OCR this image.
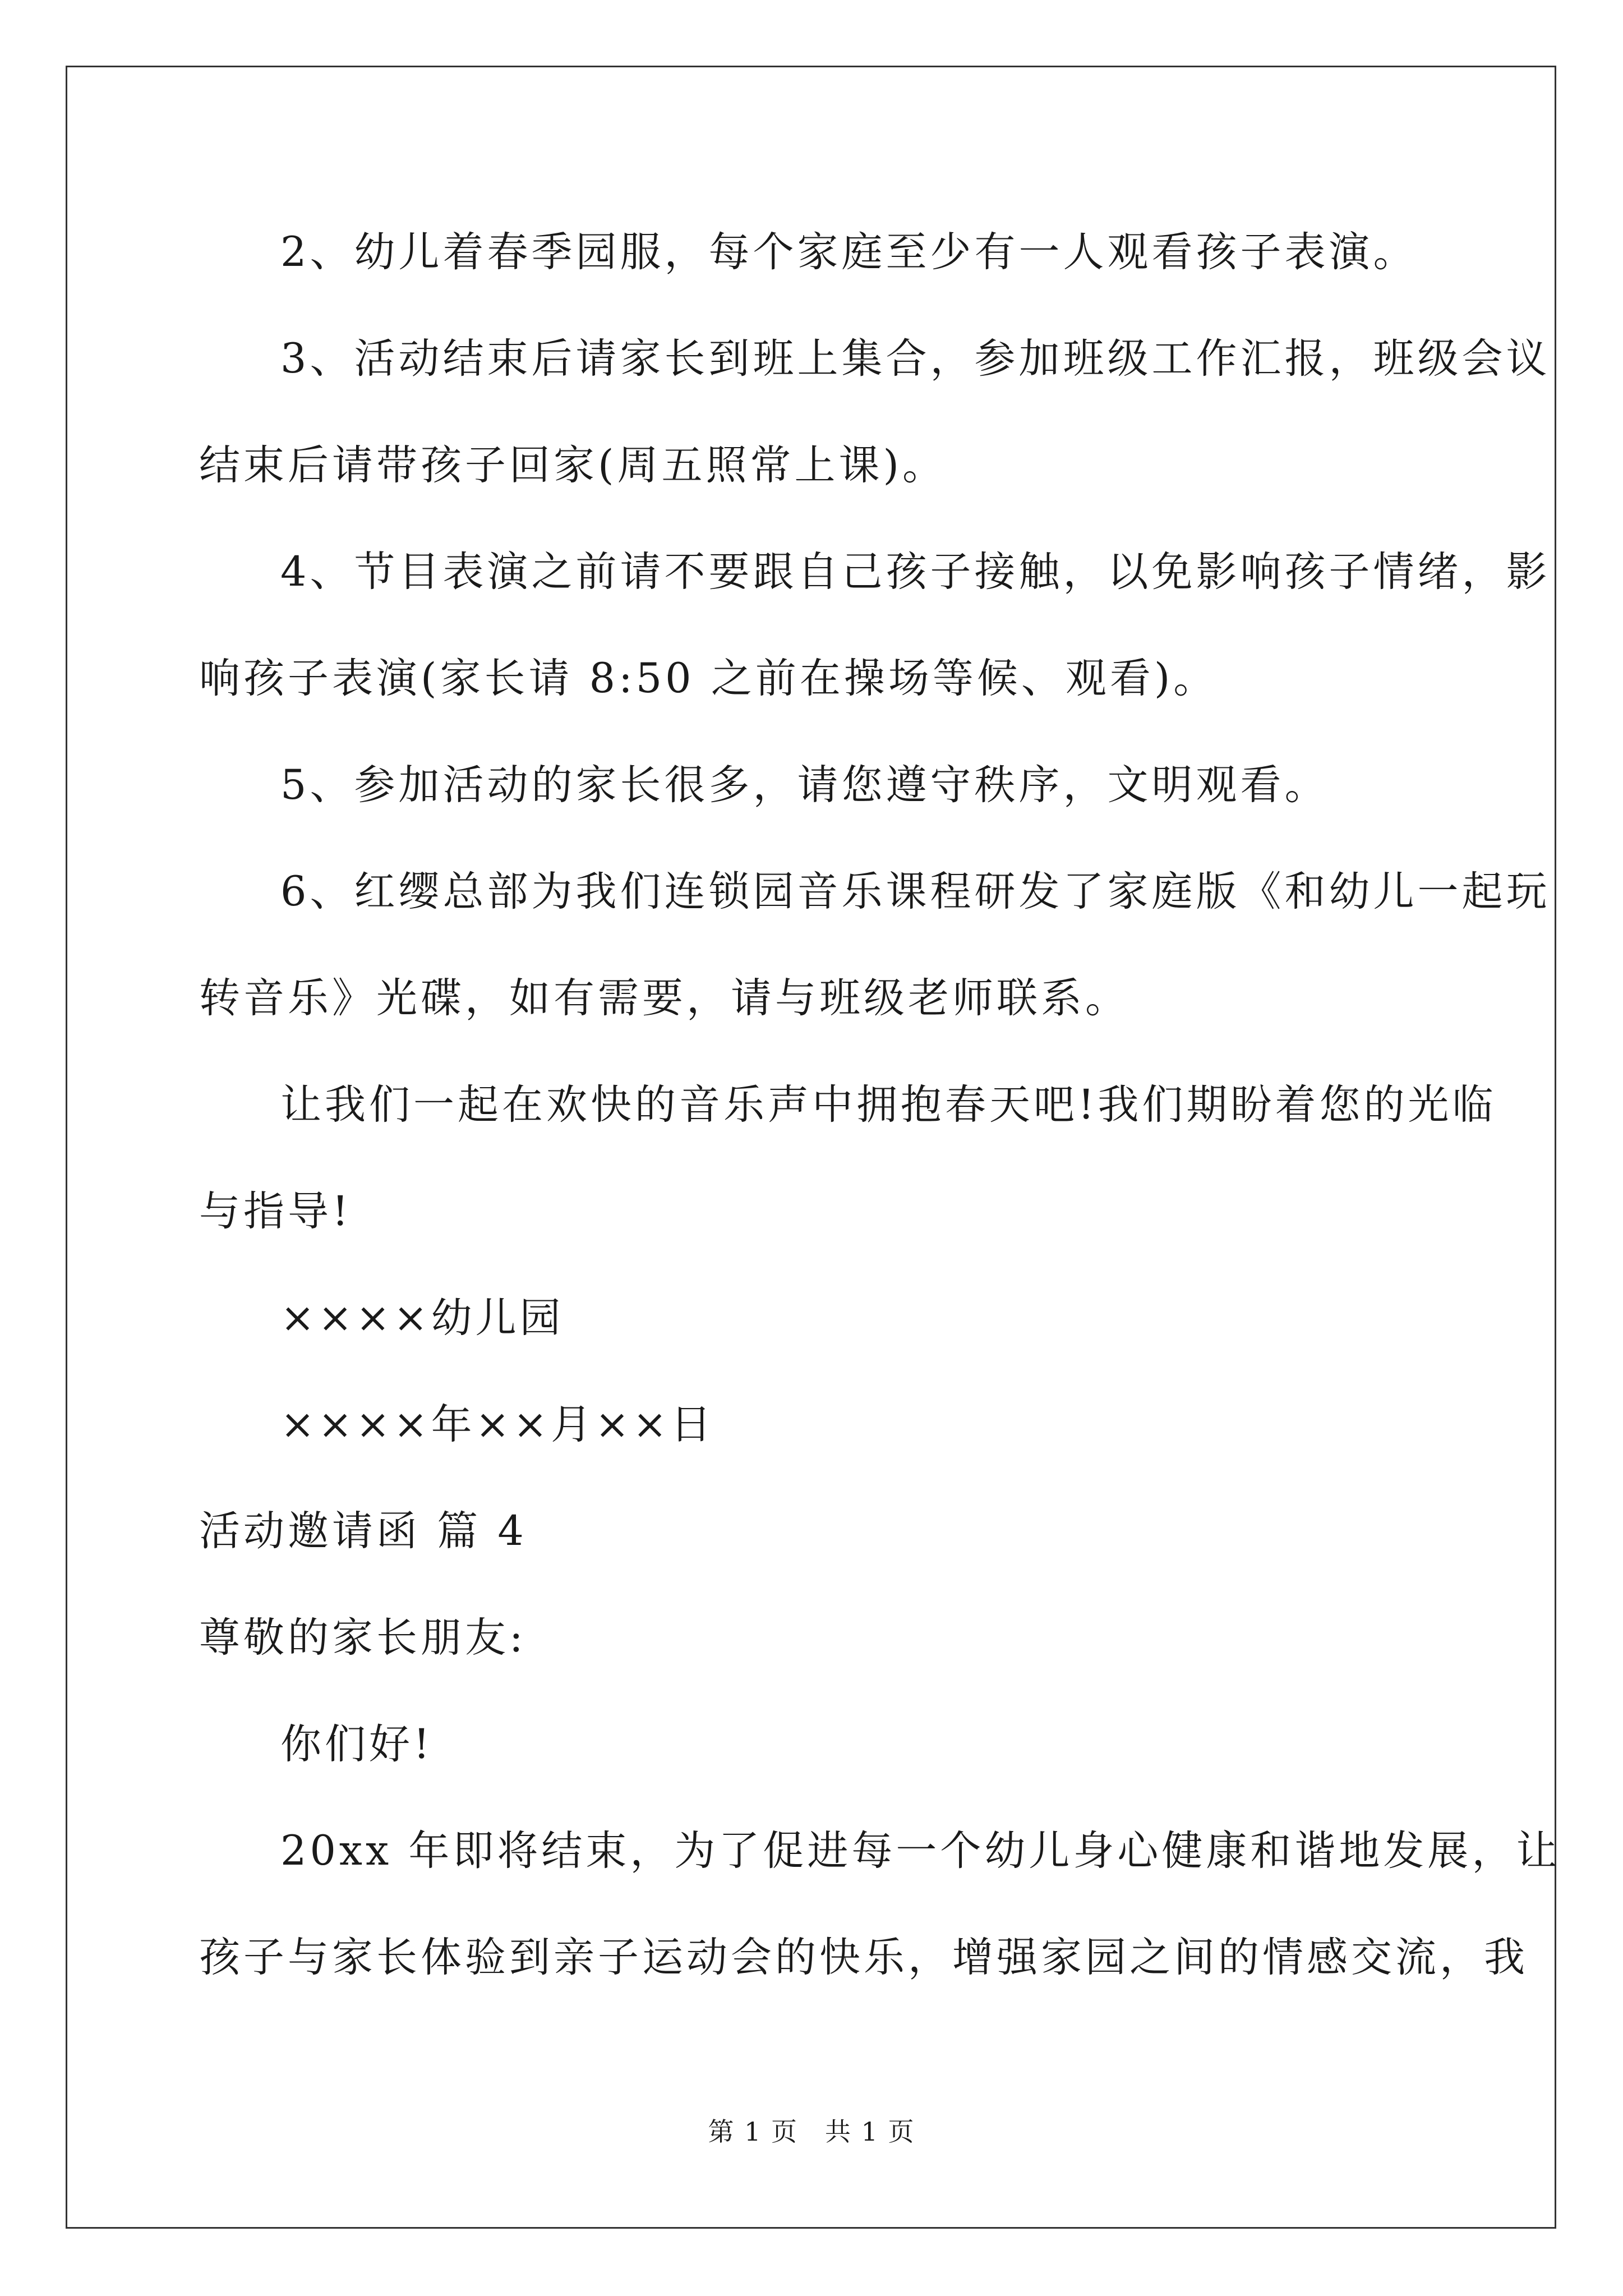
2、幼儿着春季园服，每个家庭至少有一人观看孩子表演。
3、活动结束后请家长到班上集合，参加班级工作汇报，班级会议
结束后请带孩子回家(周五照常上课)。
4、节目表演之前请不要跟自己孩子接触，以免影响孩子情绪，影
响孩子表演(家长请 8:50 之前在操场等候、观看)。
5、参加活动的家长很多，请您遵守秩序，文明观看。
6、红缨总部为我们连锁园音乐课程研发了家庭版《和幼儿一起玩
转音乐》光碟，如有需要，请与班级老师联系。
让我们一起在欢快的音乐声中拥抱春天吧!我们期盼着您的光临
与指导!
××××幼儿园
××××年××月××日
活动邀请函 篇 4
尊敬的家长朋友:
你们好!
20xx 年即将结束，为了促进每一个幼儿身心健康和谐地发展，让
孩子与家长体验到亲子运动会的快乐，增强家园之间的情感交流，我
第 1 页　共 1 页
